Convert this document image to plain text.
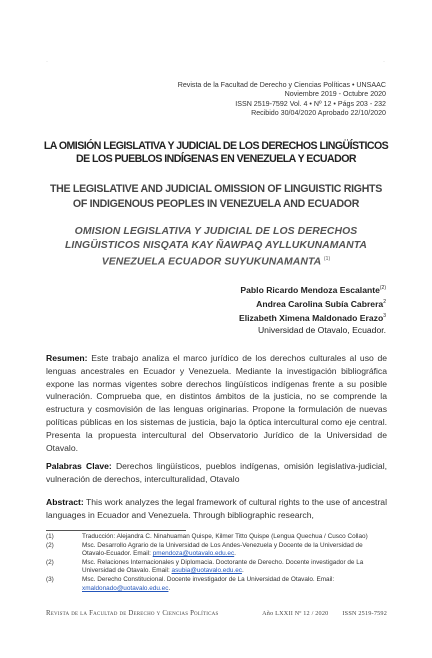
·	·
Revista de la Facultad de Derecho y Ciencias Políticas • UNSAAC
Noviembre 2019 - Octubre 2020
ISSN 2519-7592 Vol. 4 • Nº 12 • Págs 203 - 232
Recibido 30/04/2020 Aprobado 22/10/2020
LA OMISIÓN LEGISLATIVA Y JUDICIAL DE LOS DERECHOS LINGÜÍSTICOS
DE LOS PUEBLOS INDÍGENAS EN VENEZUELA Y ECUADOR
THE LEGISLATIVE AND JUDICIAL OMISSION OF LINGUISTIC RIGHTS
OF INDIGENOUS PEOPLES IN VENEZUELA AND ECUADOR
OMISION LEGISLATIVA Y JUDICIAL DE LOS DERECHOS
LINGÜISTICOS NISQATA KAY ÑAWPAQ AYLLUKUNAMANTA
VENEZUELA ECUADOR SUYUKUNAMANTA $^{(1)}$
Pablo Ricardo Mendoza Escalante$^{(2)}$
Andrea Carolina Subía Cabrera$^2$
Elizabeth Ximena Maldonado Erazo$^3$
Universidad de Otavalo, Ecuador.
Resumen: Este trabajo analiza el marco jurídico de los derechos culturales al uso de lenguas ancestrales en Ecuador y Venezuela. Mediante la investigación bibliográfica expone las normas vigentes sobre derechos lingüísticos indígenas frente a su posible vulneración. Comprueba que, en distintos ámbitos de la justicia, no se comprende la estructura y cosmovisión de las lenguas originarias. Propone la formulación de nuevas políticas públicas en los sistemas de justicia, bajo la óptica intercultural como eje central. Presenta la propuesta intercultural del Observatorio Jurídico de la Universidad de Otavalo.
Palabras Clave: Derechos lingüísticos, pueblos indígenas, omisión legislativa-judicial, vulneración de derechos, interculturalidad, Otavalo
Abstract: This work analyzes the legal framework of cultural rights to the use of ancestral languages in Ecuador and Venezuela. Through bibliographic research,
(1)	Traducción: Alejandra C. Ninahuaman Quispe, Kilmer Titto Quispe (Lengua Quechua / Cusco Collao)
(2)	Msc. Desarrollo Agrario de la Universidad de Los Andes-Venezuela y Docente de la Universidad de Otavalo-Ecuador. Email: pmendoza@uotavalo.edu.ec.
(2)	Msc. Relaciones Internacionales y Diplomacia. Doctorante de Derecho. Docente investigador de La Universidad de Otavalo. Email: asubia@uotavalo.edu.ec.
(3)	Msc. Derecho Constitucional. Docente investigador de La Universidad de Otavalo. Email: xmaldonado@uotavalo.edu.ec.
Revista de la Facultad de Derecho y Ciencias Políticas	Año LXXII Nº 12 / 2020 ISSN 2519-7592
